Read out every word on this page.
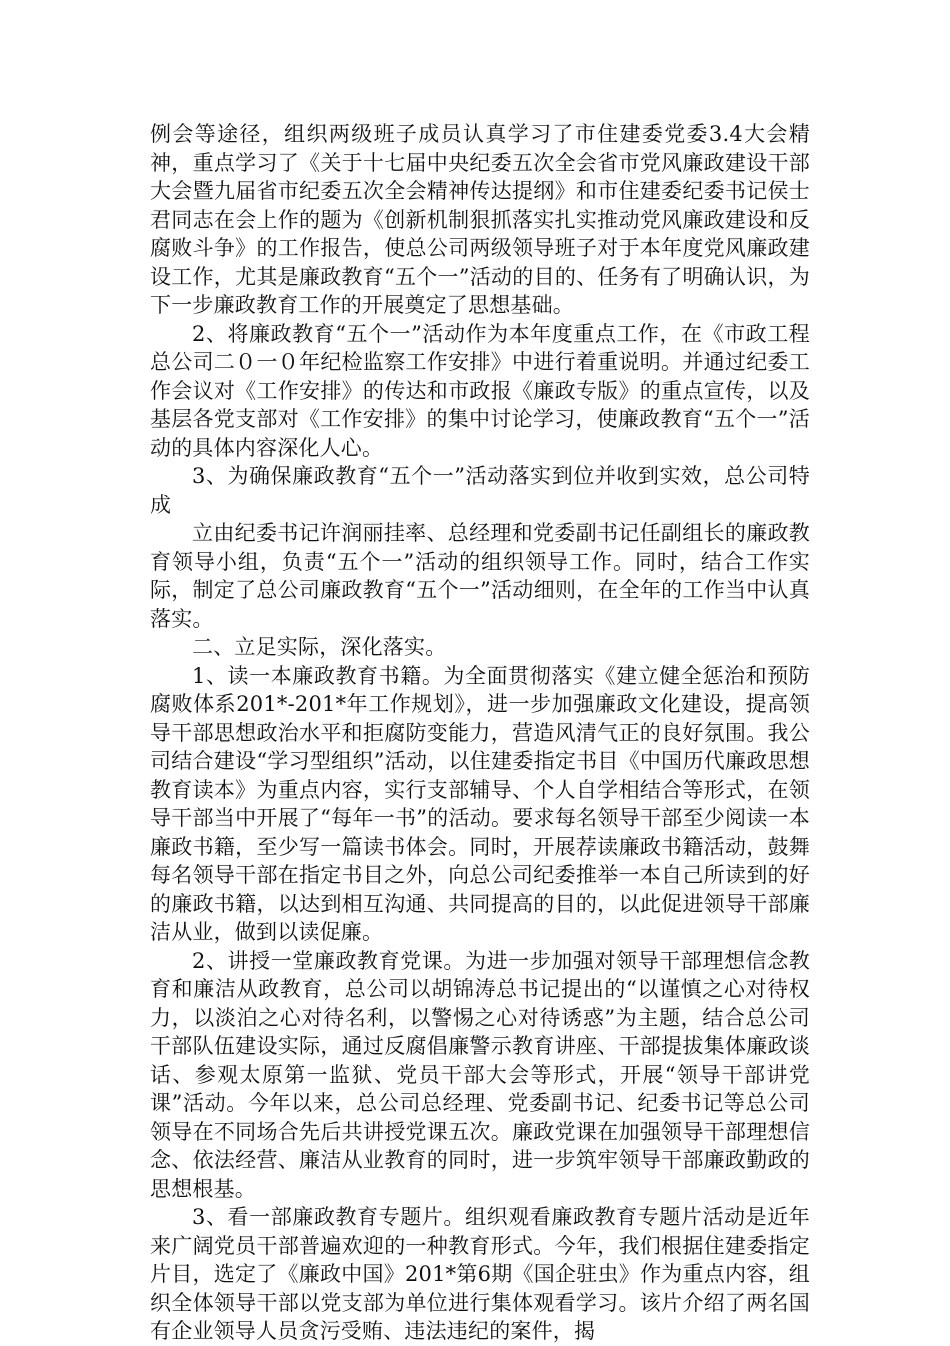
例会等途径，组织两级班子成员认真学习了市住建委党委3.4大会精神，重点学习了《关于十七届中央纪委五次全会省市党风廉政建设干部大会暨九届省市纪委五次全会精神传达提纲》和市住建委纪委书记侯士君同志在会上作的题为《创新机制狠抓落实扎实推动党风廉政建设和反腐败斗争》的工作报告，使总公司两级领导班子对于本年度党风廉政建设工作，尤其是廉政教育“五个一”活动的目的、任务有了明确认识，为下一步廉政教育工作的开展奠定了思想基础。

2、将廉政教育“五个一”活动作为本年度重点工作，在《市政工程总公司二０一０年纪检监察工作安排》中进行着重说明。并通过纪委工作会议对《工作安排》的传达和市政报《廉政专版》的重点宣传，以及基层各党支部对《工作安排》的集中讨论学习，使廉政教育“五个一”活动的具体内容深化人心。

3、为确保廉政教育“五个一”活动落实到位并收到实效，总公司特成

立由纪委书记许润丽挂率、总经理和党委副书记任副组长的廉政教育领导小组，负责“五个一”活动的组织领导工作。同时，结合工作实际，制定了总公司廉政教育“五个一”活动细则，在全年的工作当中认真落实。

二、立足实际，深化落实。

1、读一本廉政教育书籍。为全面贯彻落实《建立健全惩治和预防腐败体系201*-201*年工作规划》，进一步加强廉政文化建设，提高领导干部思想政治水平和拒腐防变能力，营造风清气正的良好氛围。我公司结合建设“学习型组织”活动，以住建委指定书目《中国历代廉政思想教育读本》为重点内容，实行支部辅导、个人自学相结合等形式，在领导干部当中开展了“每年一书”的活动。要求每名领导干部至少阅读一本廉政书籍，至少写一篇读书体会。同时，开展荐读廉政书籍活动，鼓舞每名领导干部在指定书目之外，向总公司纪委推举一本自己所读到的好的廉政书籍，以达到相互沟通、共同提高的目的，以此促进领导干部廉洁从业，做到以读促廉。

2、讲授一堂廉政教育党课。为进一步加强对领导干部理想信念教育和廉洁从政教育，总公司以胡锦涛总书记提出的“以谨慎之心对待权力，以淡泊之心对待名利，以警惕之心对待诱惑”为主题，结合总公司干部队伍建设实际，通过反腐倡廉警示教育讲座、干部提拔集体廉政谈话、参观太原第一监狱、党员干部大会等形式，开展“领导干部讲党课”活动。今年以来，总公司总经理、党委副书记、纪委书记等总公司领导在不同场合先后共讲授党课五次。廉政党课在加强领导干部理想信念、依法经营、廉洁从业教育的同时，进一步筑牢领导干部廉政勤政的思想根基。

3、看一部廉政教育专题片。组织观看廉政教育专题片活动是近年来广阔党员干部普遍欢迎的一种教育形式。今年，我们根据住建委指定片目，选定了《廉政中国》201*第6期《国企驻虫》作为重点内容，组织全体领导干部以党支部为单位进行集体观看学习。该片介绍了两名国有企业领导人员贪污受贿、违法违纪的案件，揭
